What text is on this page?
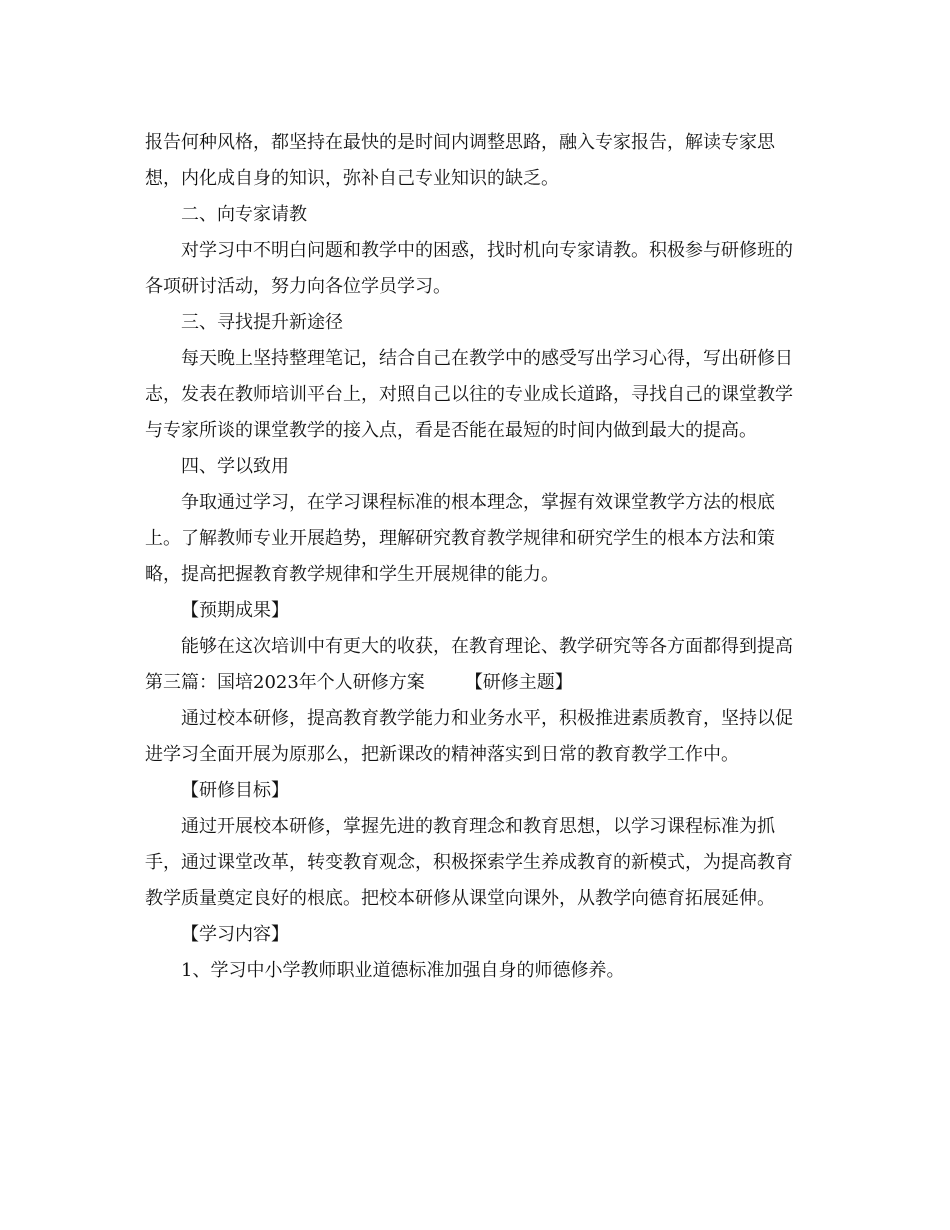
报告何种风格，都坚持在最快的是时间内调整思路，融入专家报告，解读专家思想，内化成自身的知识，弥补自己专业知识的缺乏。

二、向专家请教

对学习中不明白问题和教学中的困惑，找时机向专家请教。积极参与研修班的各项研讨活动，努力向各位学员学习。

三、寻找提升新途径

每天晚上坚持整理笔记，结合自己在教学中的感受写出学习心得，写出研修日志，发表在教师培训平台上，对照自己以往的专业成长道路，寻找自己的课堂教学与专家所谈的课堂教学的接入点，看是否能在最短的时间内做到最大的提高。

四、学以致用

争取通过学习，在学习课程标准的根本理念，掌握有效课堂教学方法的根底上。了解教师专业开展趋势，理解研究教育教学规律和研究学生的根本方法和策略，提高把握教育教学规律和学生开展规律的能力。

【预期成果】

能够在这次培训中有更大的收获，在教育理论、教学研究等各方面都得到提高

第三篇：国培2023年个人研修方案 【研修主题】

通过校本研修，提高教育教学能力和业务水平，积极推进素质教育，坚持以促进学习全面开展为原那么，把新课改的精神落实到日常的教育教学工作中。

【研修目标】

通过开展校本研修，掌握先进的教育理念和教育思想，以学习课程标准为抓手，通过课堂改革，转变教育观念，积极探索学生养成教育的新模式，为提高教育教学质量奠定良好的根底。把校本研修从课堂向课外，从教学向德育拓展延伸。

【学习内容】

1、学习中小学教师职业道德标准加强自身的师德修养。
